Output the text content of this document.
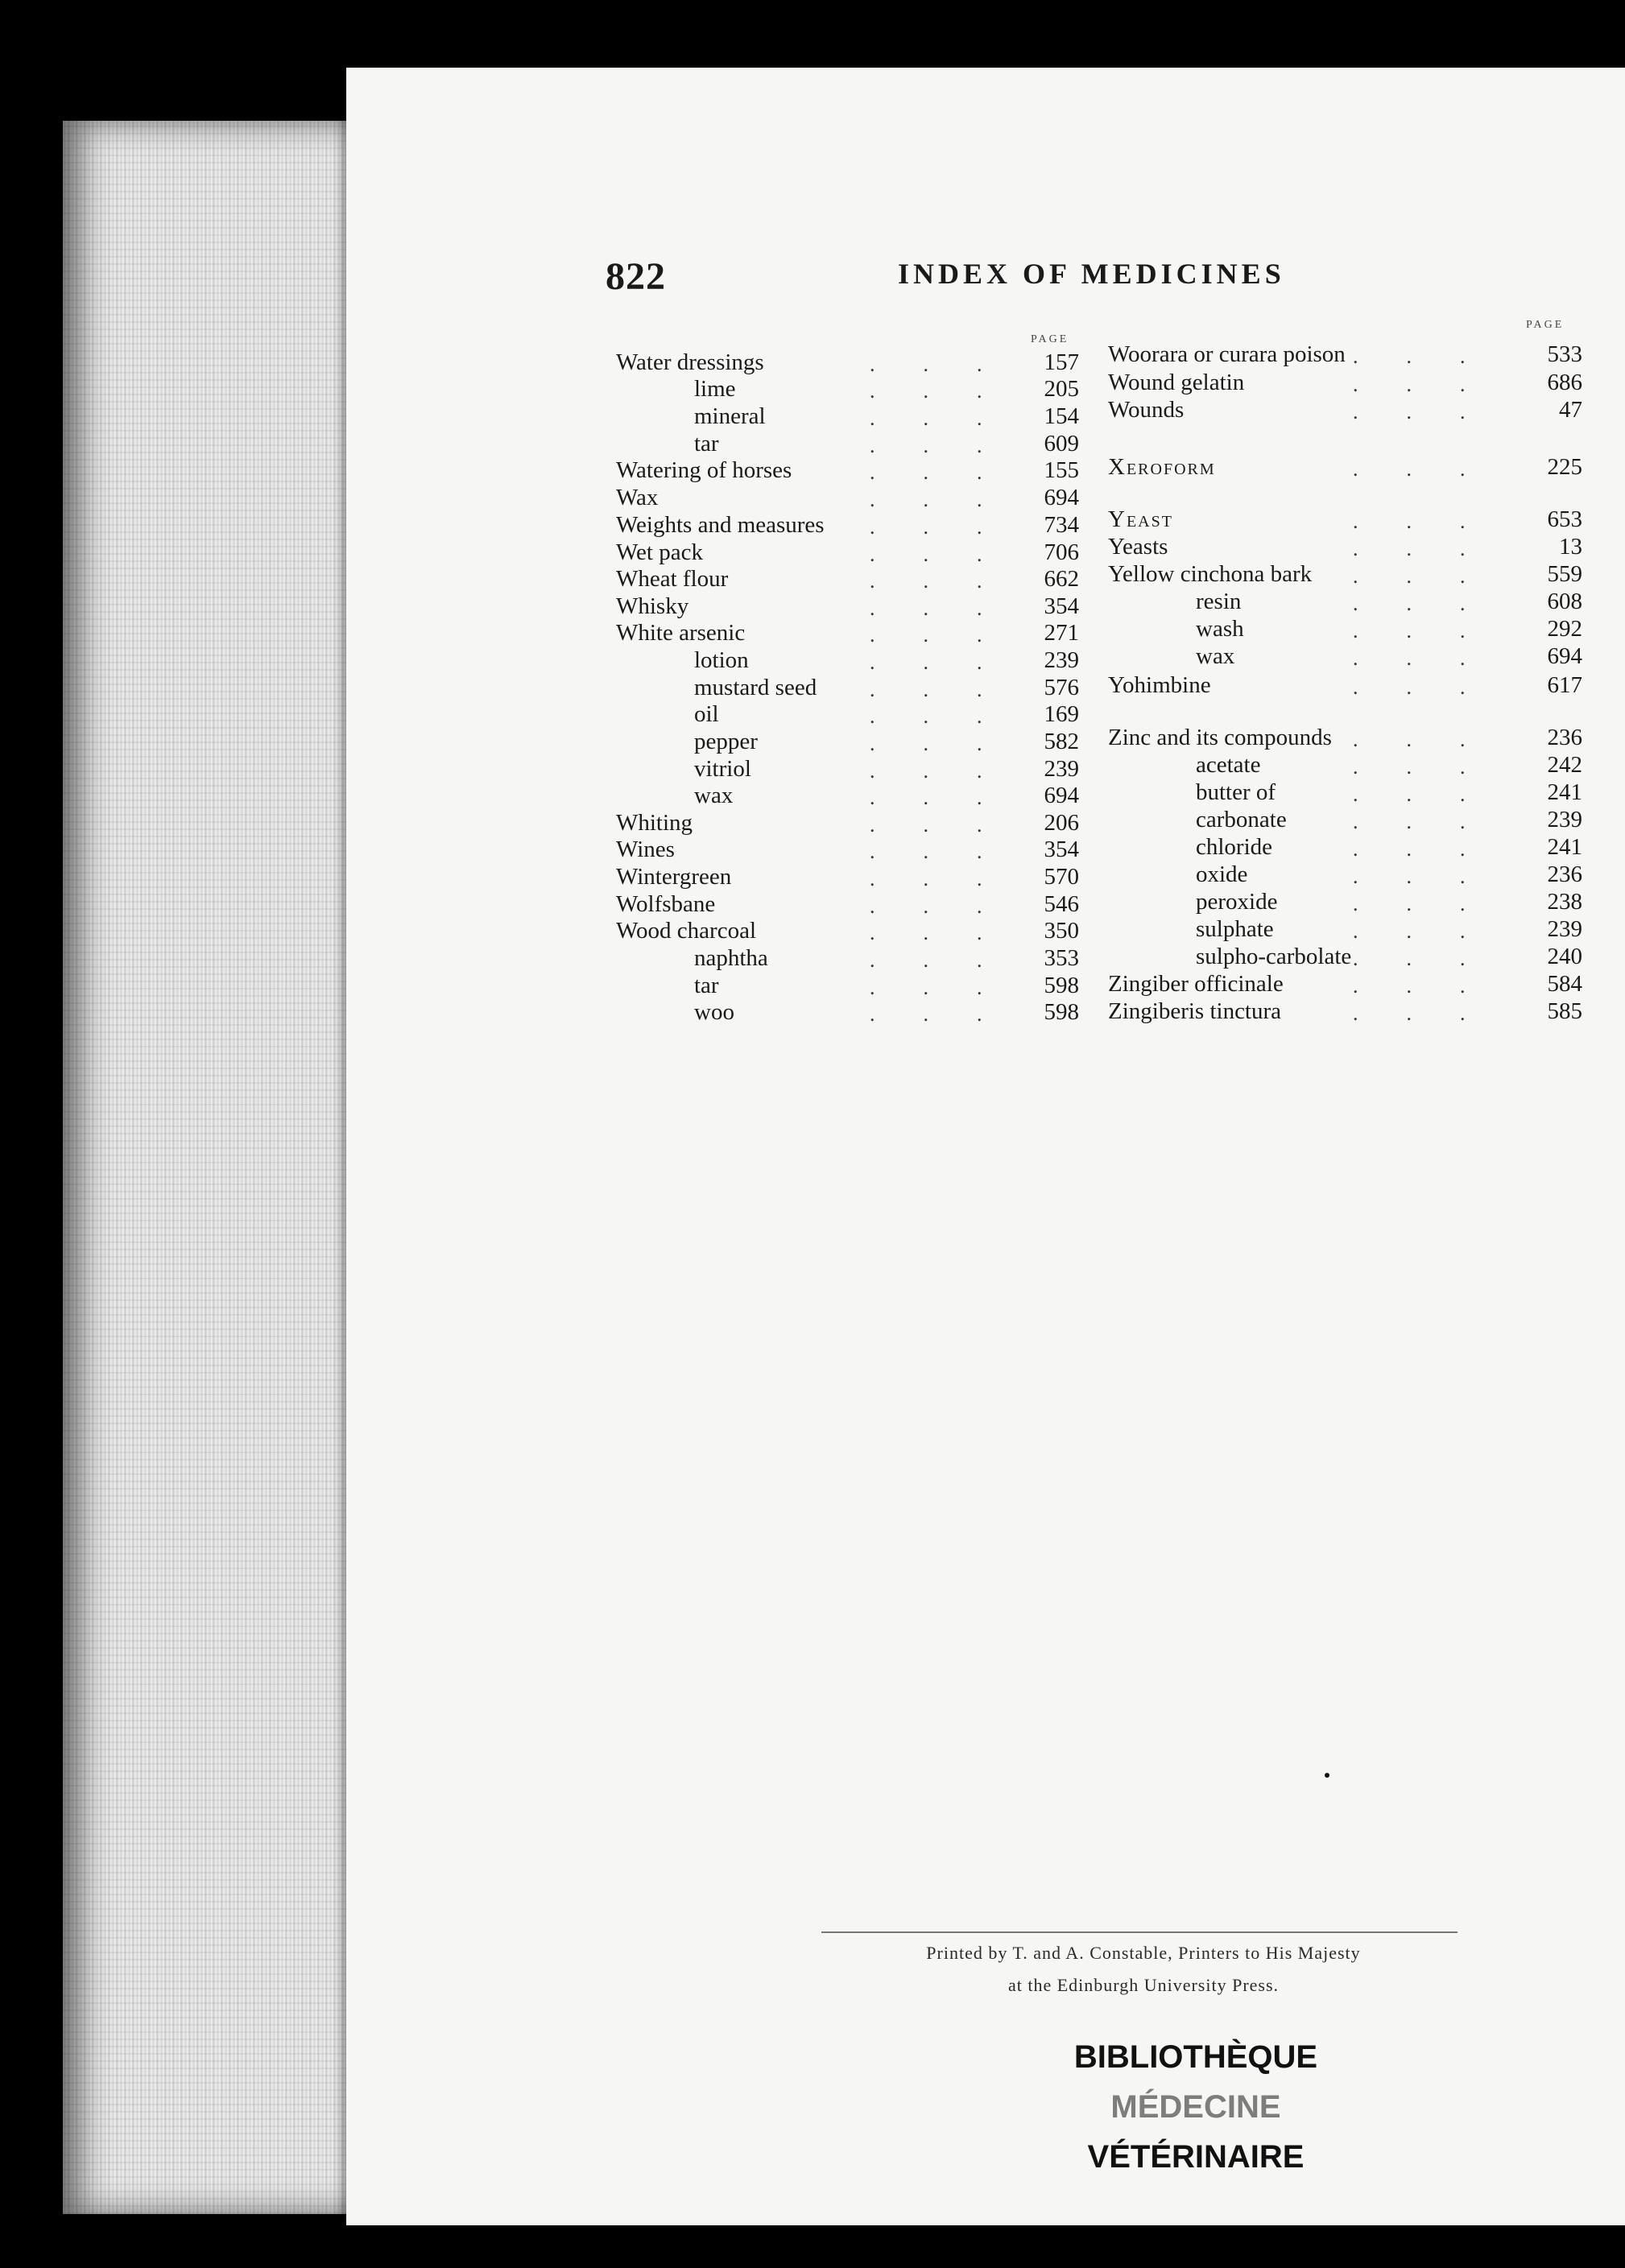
822	INDEX OF MEDICINES
PAGE
PAGE
Printed by T. and A. Constable, Printers to His Majesty
at the Edinburgh University Press.
BIBLIOTHÈQUE
MÉDECINE
VÉTÉRINAIRE
Water dressings	... 157
lime	... 205
mineral	... 154
tar	... 609
Watering of horses	... 155
Wax	... 694
Weights and measures ... 734
Wet pack	... 706
Wheat flour	... 662
Whisky	... 354
White arsenic	... 271
lotion	... 239
mustard seed	... 576
oil	... 169
pepper	... 582
vitriol	... 239
wax	... 694
Whiting	... 206
Wines	... 354
Wintergreen	... 570
Wolfsbane	... 546
Wood charcoal	... 350
naphtha	... 353
tar	... 598
woo	... 598
Woorara or curara poison ...	533
Wound gelatin	...	686
Wounds	...	47
Xeroform	...	225
Yeast	...	653
Yeasts	...	13
Yellow cinchona bark ...	559
resin	...	608
wash	...	292
wax	...	694
Yohimbine	...	617
Zinc and its compounds ...	236
acetate	...	242
butter of	...	241
carbonate	...	239
chloride	...	241
oxide	...	236
peroxide	...	238
sulphate	...	239
sulpho-carbolate ...	240
Zingiber officinale	...	584
Zingiberis tinctura	...	585
